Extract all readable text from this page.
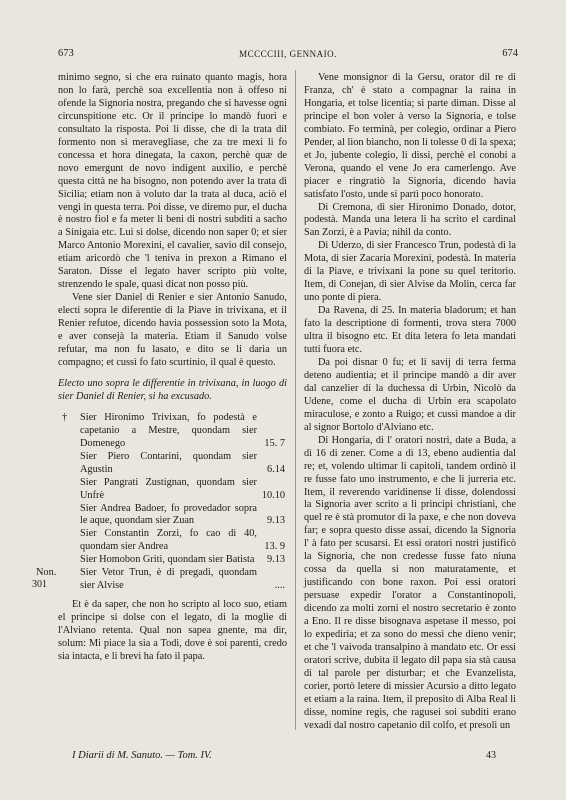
673	MCCCCIII, GENNAIO.	674
301

minimo segno, si che era ruinato quanto magis, hora non lo farà, perchè soa excellentia non à offeso ni ofende la Signoria nostra, pregando che si havesse ogni circunspitione etc. Or il principe lo mandò fuori e consultato la risposta. Poi li disse, che di la trata dil formento non si meravegliase, che za tre mexi li fo concessa et hora dinegata, la caxon, perchè quæ de novo emergunt de novo indigent auxilio, e perchè questa città ne ha bisogno, non potendo aver la trata di Sicilia; etiam non à voluto dar la trata al duca, aciò el vengi in questa terra. Poi disse, ve diremo pur, el ducha è nostro fiol e fa meter li beni di nostri subditi a sacho a Sinigaia etc. Lui si dolse, dicendo non saper 0; et sier Marco Antonio Morexini, el cavalier, savio dil consejo, etiam aricordò che 'l teniva in prexon a Rimano el Saraton. Disse el legato haver scripto più volte, strenzendo le spale, quasi dicat non posso più.

Vene sier Daniel di Renier e sier Antonio Sanudo, electi sopra le diferentie di la Piave in trivixana, et il Renier refutoe, dicendo havia possession soto la Mota, e aver consejà la materia. Etiam il Sanudo volse refutar, ma non fu lasato, e dito se li daria un compagno; et cussì fo fato scurtinio, il qual è questo.

Electo uno sopra le differentie in trivixana, in luogo di sier Daniel di Renier, si ha excusado.

† Sier Hironimo Trivixan, fo podestà e capetanio a Mestre, quondam sier Domenego	15. 7
Sier Piero Contarini, quondam sier Agustin	6.14
Sier Pangrati Zustignan, quondam sier Unfrè	10.10
Sier Andrea Badoer, fo provedador sopra le aque, quondam sier Zuan	9.13
Sier Constantin Zorzi, fo cao di 40, quondam sier Andrea	13. 9
Sier Homobon Griti, quondam sier Batista	9.13
Non. Sier Vetor Trun, è di pregadi, quondam sier Alvise	....

Et è da saper, che non ho scripto al loco suo, etiam el principe si dolse con el legato, di la moglie di l'Alviano retenta. Qual non sapea gnente, ma dir, solum: Mi piace la sia a Todi, dove è soi parenti, credo sia intacta, e li brevi ha fato il papa.

Vene monsignor di la Gersu, orator dil re di Franza, ch' è stato a compagnar la raina in Hongaria, et tolse licentia; si parte diman. Disse al principe el bon voler à verso la Signoria, e tolse combiato. Fo terminà, per colegio, ordinar a Piero Pender, al lion biancho, non li tolesse 0 di la spexa; et Jo, jubente colegio, li dissi, perchè el conobi a Verona, quando el vene Jo era camerlengo. Ave piacer e ringratiò la Signoria, dicendo havia satisfato l'osto, unde si partì poco honorato.

Di Cremona, di sier Hironimo Donado, dotor, podestà. Manda una letera li ha scrito el cardinal San Zorzi, è a Pavia; nihil da conto.

Di Uderzo, di sier Francesco Trun, podestà di la Mota, di sier Zacaria Morexini, podestà. In materia di la Piave, e trivixani la pone su quel teritorio. Item, di Conejan, di sier Alvise da Molin, cerca far uno ponte di piera.

Da Ravena, di 25. In materia bladorum; et han fato la descriptione di formenti, trova stera 7000 ultra il bisogno etc. Et dita letera fo leta mandati tutti fuora etc.

Da poi disnar 0 fu; et li savij di terra ferma deteno audientia; et il principe mandò a dir aver dal canzelier di la duchessa di Urbin, Nicolò da Udene, come el ducha di Urbin era scapolato miraculose, e zonto a Ruigo; et cussì mandoe a dir al signor Bortolo d'Alviano etc.

Di Hongaria, di l' oratori nostri, date a Buda, a dì 16 di zener. Come a dì 13, ebeno audientia dal re; et, volendo ultimar li capitoli, tandem ordinò il re fusse fato uno instrumento, e che li jurreria etc. Item, il reverendo varidinense li disse, dolendossi la Signoria aver scrito a li principi christiani, che quel re è stà promutor di la paxe, e che non doveva far; e sopra questo disse assai, dicendo la Signoria l' à fato per scusarsi. Et essi oratori nostri justificò la Signoria, che non credesse fusse fato niuna cossa da quella si non maturatamente, et justificando con bone raxon. Poi essi oratori persuase expedir l'orator a Constantinopoli, dicendo za molti zorni el nostro secretario è zonto a Eno. Il re disse bisognava aspetase il messo, poi lo expediria; et za sono do messi che dieno venir; et che 'l vaivoda transalpino à mandato etc. Or essi oratori scrive, dubita il legato dil papa sia stà causa di tal parole per disturbar; et che Evanzelista, corier, portò letere di missier Acursio a ditto legato et etiam a la raina. Item, il preposito di Alba Real li disse, nomine regis, che ragusei soi subditi erano vexadi dal nostro capetanio dil colfo, et presoli un

I Diarii di M. Sanuto. — Tom. IV.	43
